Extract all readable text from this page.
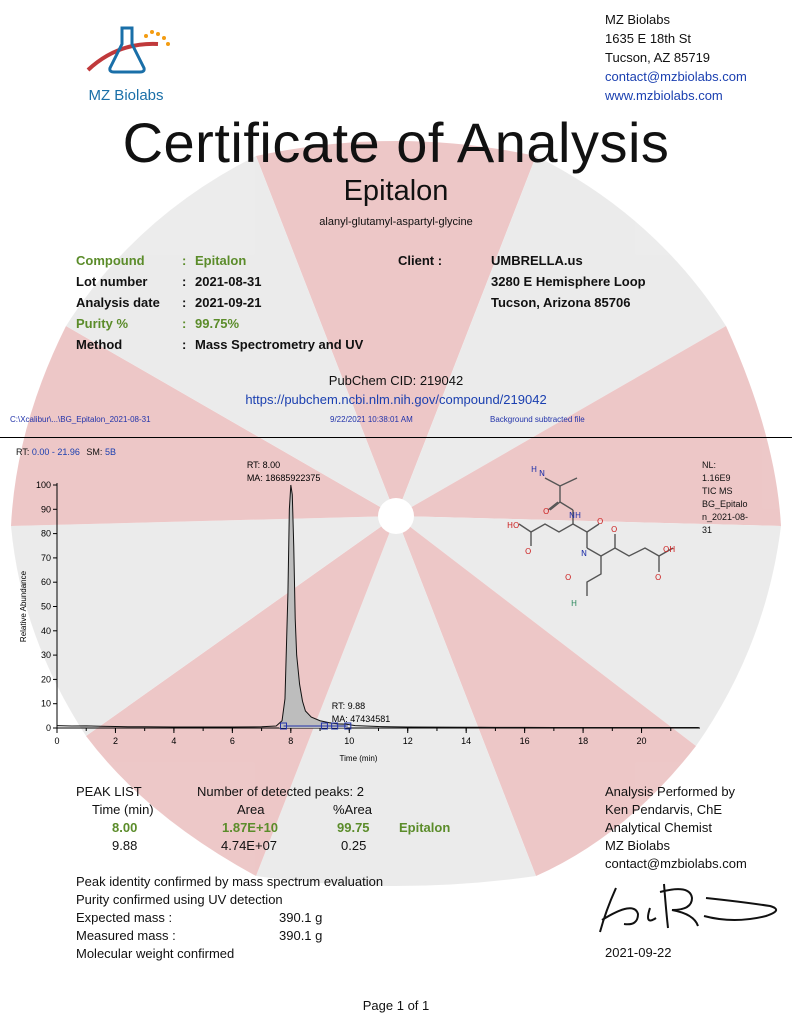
MZ Biolabs
MZ Biolabs
1635 E 18th St
Tucson, AZ 85719
contact@mzbiolabs.com
www.mzbiolabs.com
Certificate of Analysis
Epitalon
alanyl-glutamyl-aspartyl-glycine
Compound	: Epitalon
Lot number	: 2021-08-31
Analysis date	: 2021-09-21
Purity %	: 99.75%
Method	: Mass Spectrometry and UV
Client :	UMBRELLA.us
3280 E Hemisphere Loop
Tucson, Arizona 85706
PubChem CID: 219042
https://pubchem.ncbi.nlm.nih.gov/compound/219042
C:\Xcalibur\...\BG_Epitalon_2021-08-31	9/22/2021 10:38:01 AM	Background subtracted file
RT: 0.00 - 21.96 SM: 5B
0
10
20
30
40
50
60
70
80
90
100
0	2	4	6	8	10	12	14	16	18	20
Time (min)
Relative Abundance
RT: 8.00
MA: 18685922375
RT: 9.88
MA: 47434581
NL:
1.16E9
TIC MS
BG_Epitalo
n_2021-08-
31
N
H
O N H
HO
O	N
O
O
OH
O
H
O
PEAK LIST	Number of detected peaks: 2
Time (min)	Area	%Area
8.00	1.87E+10	99.75 Epitalon
9.88	4.74E+07	0.25
Peak identity confirmed by mass spectrum evaluation
Purity confirmed using UV detection
Expected mass :	390.1 g
Measured mass :	390.1 g
Molecular weight confirmed
Analysis Performed by
Ken Pendarvis, ChE
Analytical Chemist
MZ Biolabs
contact@mzbiolabs.com
2021-09-22
Page 1 of 1
